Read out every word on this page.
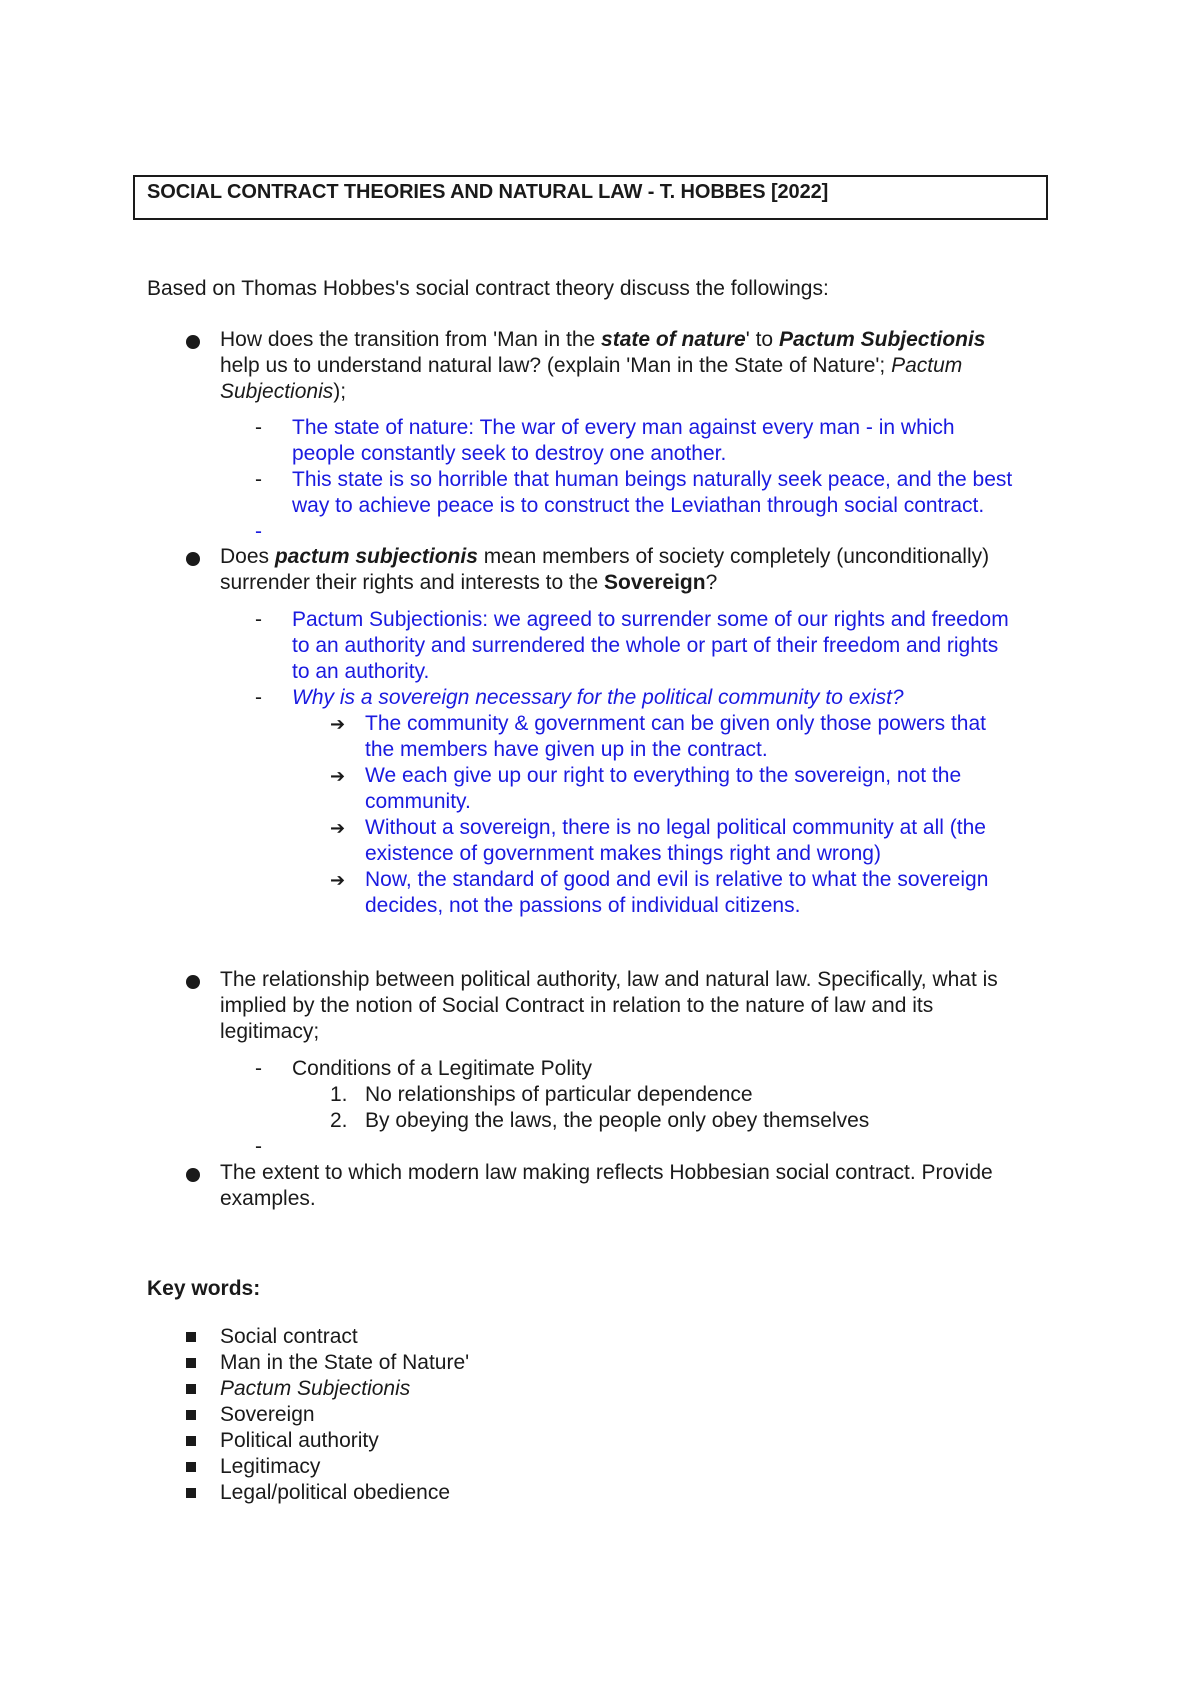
SOCIAL CONTRACT THEORIES AND NATURAL LAW - T. HOBBES [2022]
Based on Thomas Hobbes's social contract theory discuss the followings:
How does the transition from 'Man in the state of nature' to Pactum Subjectionis
help us to understand natural law? (explain 'Man in the State of Nature'; Pactum
Subjectionis);
- The state of nature: The war of every man against every man - in which
people constantly seek to destroy one another.
- This state is so horrible that human beings naturally seek peace, and the best
way to achieve peace is to construct the Leviathan through social contract.
-
Does pactum subjectionis mean members of society completely (unconditionally)
surrender their rights and interests to the Sovereign?
- Pactum Subjectionis: we agreed to surrender some of our rights and freedom
to an authority and surrendered the whole or part of their freedom and rights
to an authority.
- Why is a sovereign necessary for the political community to exist?
➔ The community & government can be given only those powers that
the members have given up in the contract.
➔ We each give up our right to everything to the sovereign, not the
community.
➔ Without a sovereign, there is no legal political community at all (the
existence of government makes things right and wrong)
➔ Now, the standard of good and evil is relative to what the sovereign
decides, not the passions of individual citizens.
The relationship between political authority, law and natural law. Specifically, what is
implied by the notion of Social Contract in relation to the nature of law and its
legitimacy;
- Conditions of a Legitimate Polity
1. No relationships of particular dependence
2. By obeying the laws, the people only obey themselves
-
The extent to which modern law making reflects Hobbesian social contract. Provide
examples.
Key words:
Social contract
Man in the State of Nature'
Pactum Subjectionis
Sovereign
Political authority
Legitimacy
Legal/political obedience
